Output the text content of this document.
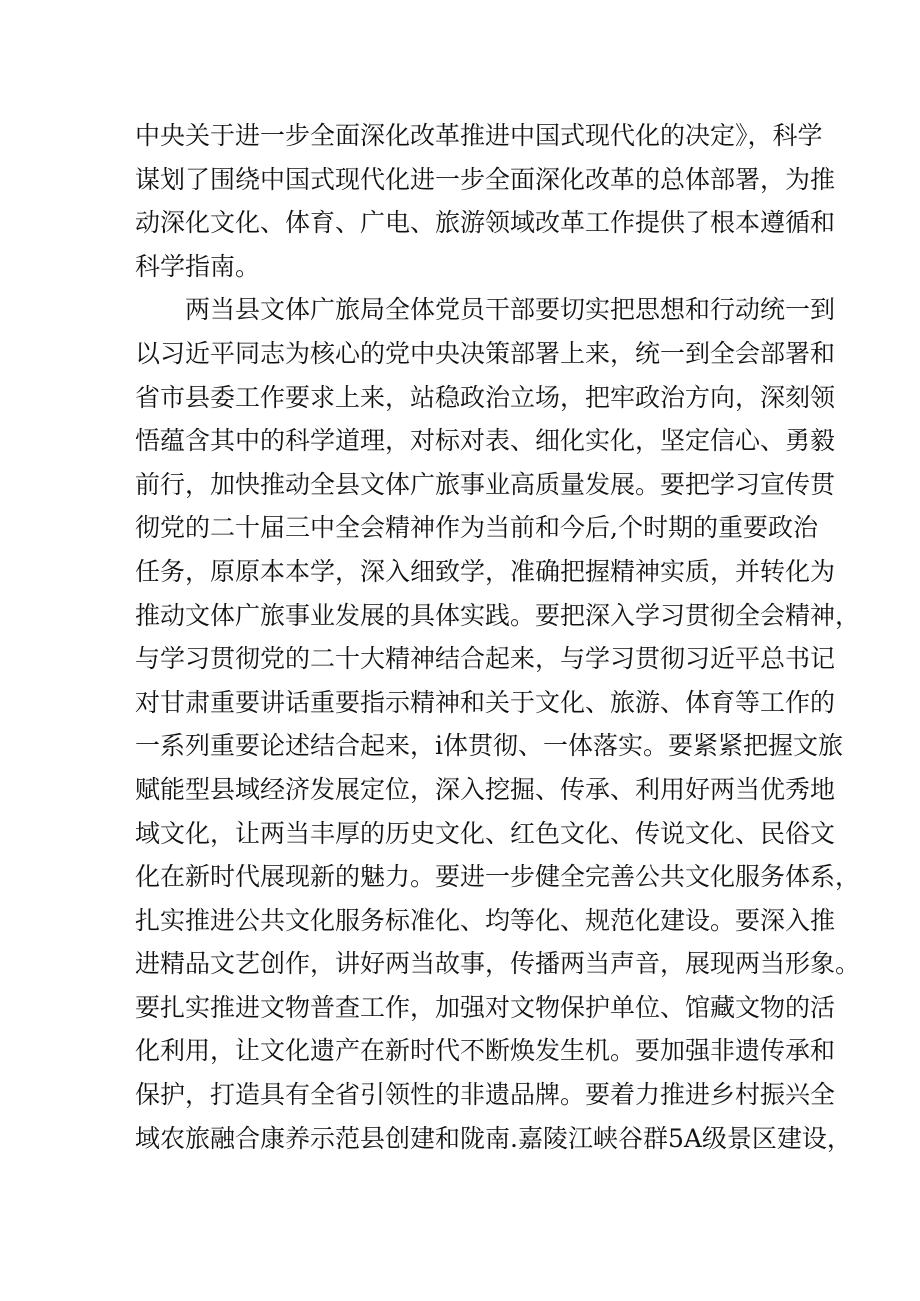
中央关于进一步全面深化改革推进中国式现代化的决定》，科学
谋划了围绕中国式现代化进一步全面深化改革的总体部署，为推
动深化文化、体育、广电、旅游领域改革工作提供了根本遵循和
科学指南。

两当县文体广旅局全体党员干部要切实把思想和行动统一到
以习近平同志为核心的党中央决策部署上来，统一到全会部署和
省市县委工作要求上来，站稳政治立场，把牢政治方向，深刻领
悟蕴含其中的科学道理，对标对表、细化实化，坚定信心、勇毅
前行，加快推动全县文体广旅事业高质量发展。要把学习宣传贯
彻党的二十届三中全会精神作为当前和今后,个时期的重要政治
任务，原原本本学，深入细致学，准确把握精神实质，并转化为
推动文体广旅事业发展的具体实践。要把深入学习贯彻全会精神，
与学习贯彻党的二十大精神结合起来，与学习贯彻习近平总书记
对甘肃重要讲话重要指示精神和关于文化、旅游、体育等工作的
一系列重要论述结合起来，i体贯彻、一体落实。要紧紧把握文旅
赋能型县域经济发展定位，深入挖掘、传承、利用好两当优秀地
域文化，让两当丰厚的历史文化、红色文化、传说文化、民俗文
化在新时代展现新的魅力。要进一步健全完善公共文化服务体系，
扎实推进公共文化服务标准化、均等化、规范化建设。要深入推
进精品文艺创作，讲好两当故事，传播两当声音，展现两当形象。
要扎实推进文物普查工作，加强对文物保护单位、馆藏文物的活
化利用，让文化遗产在新时代不断焕发生机。要加强非遗传承和
保护，打造具有全省引领性的非遗品牌。要着力推进乡村振兴全
域农旅融合康养示范县创建和陇南.嘉陵江峡谷群5A级景区建设，
